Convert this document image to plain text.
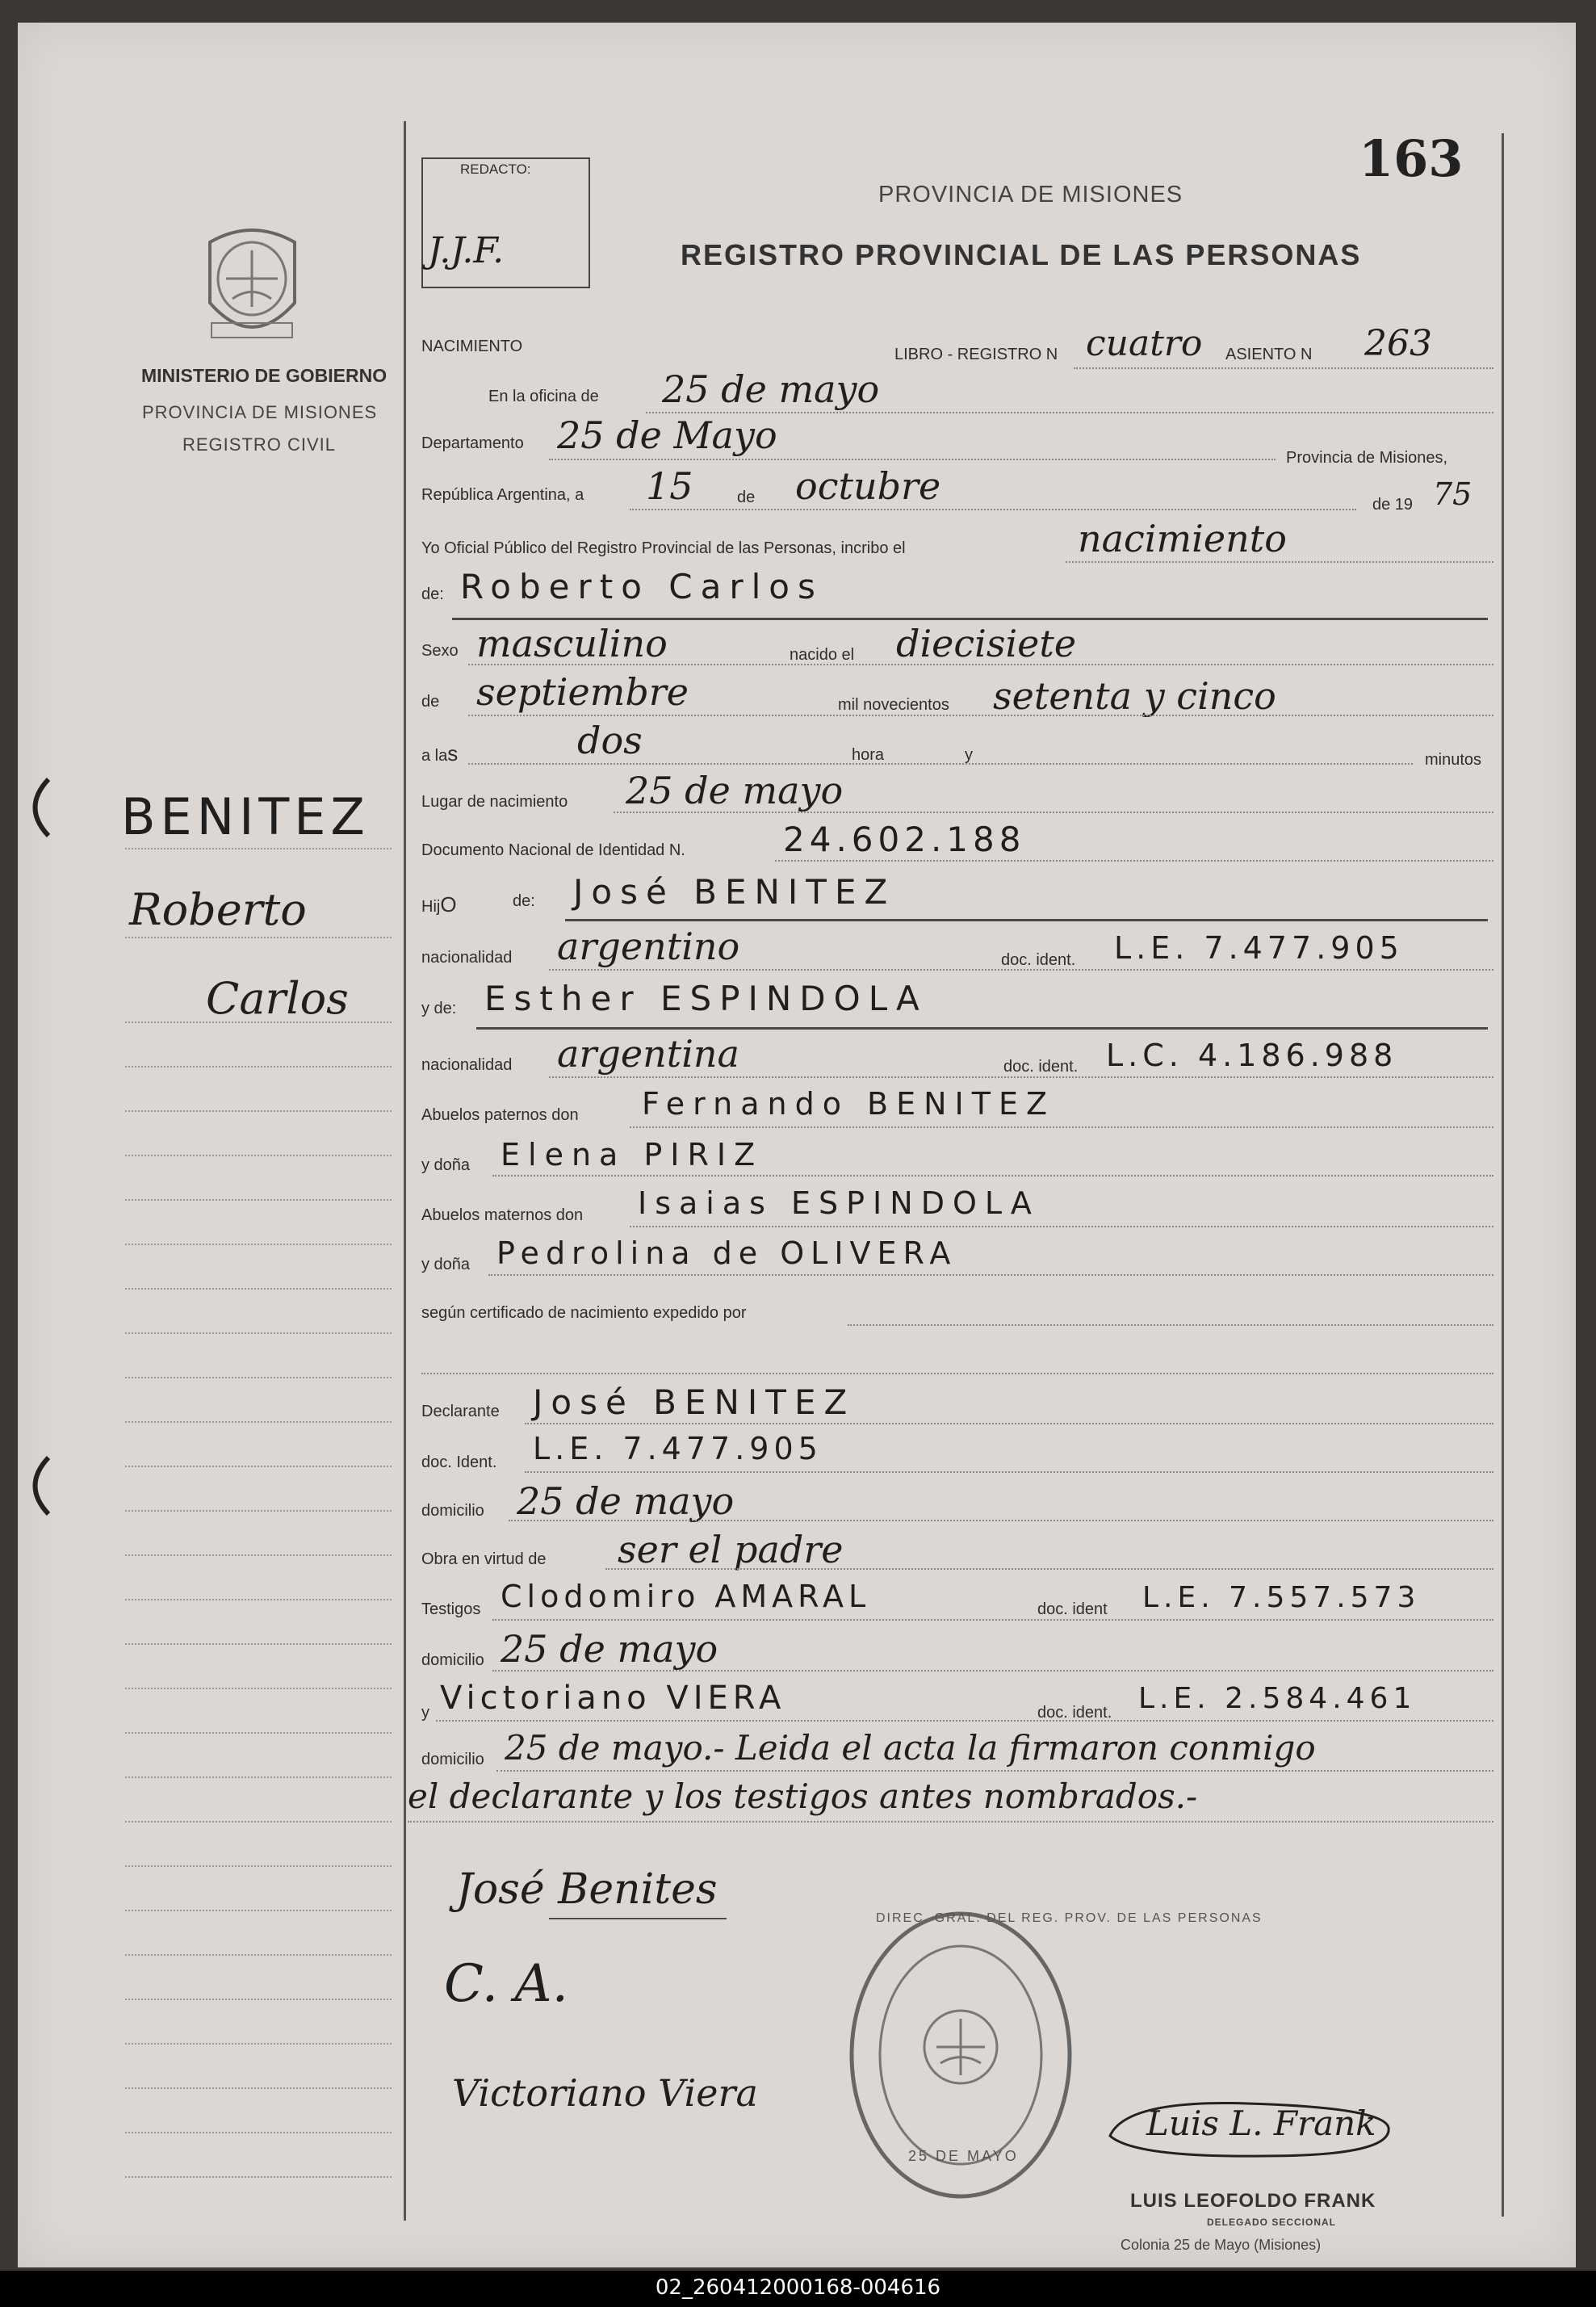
163
REDACTO:
J.J.F.
PROVINCIA DE MISIONES
REGISTRO PROVINCIAL DE LAS PERSONAS
MINISTERIO DE GOBIERNO
PROVINCIA DE MISIONES
REGISTRO CIVIL
BENITEZ
Roberto
Carlos
NACIMIENTO	LIBRO - REGISTRO N cuatro ASIENTO N 263
En la oficina de 25 de mayo
Departamento 25 de Mayo
Provincia de Misiones,
República Argentina, a 15	de octubre	de 19 75
Yo Oficial Público del Registro Provincial de las Personas, incribo el	nacimiento
de: Roberto Carlos
Sexo masculino	nacido el diecisiete
de septiembre	mil novecientos setenta y cinco
a las	dos	hora	y	minutos
Lugar de nacimiento 25 de mayo
Documento Nacional de Identidad N.	24.602.188
HijO	de: José BENITEZ
nacionalidad argentino	doc. ident. L.E. 7.477.905
y de: Esther ESPINDOLA
nacionalidad argentina	doc. ident. L.C. 4.186.988
Abuelos paternos don Fernando BENITEZ
y doña Elena PIRIZ
Abuelos maternos don Isaias ESPINDOLA
y doña Pedrolina de OLIVERA
según certificado de nacimiento expedido por
Declarante José BENITEZ
doc. Ident. L.E. 7.477.905
domicilio 25 de mayo
Obra en virtud de ser el padre
Testigos Clodomiro AMARAL	doc. ident L.E. 7.557.573
domicilio 25 de mayo
y Victoriano VIERA	doc. ident. L.E. 2.584.461
domicilio 25 de mayo.- Leida el acta la firmaron conmigo
el declarante y los testigos antes nombrados.-
José Benites
C. A.
Victoriano Viera
DIREC. GRAL. DEL REG. PROV. DE LAS PERSONAS
25 DE MAYO
Luis L. Frank
LUIS LEOFOLDO FRANK
DELEGADO SECCIONAL
Colonia 25 de Mayo (Misiones)
02_260412000168-004616
